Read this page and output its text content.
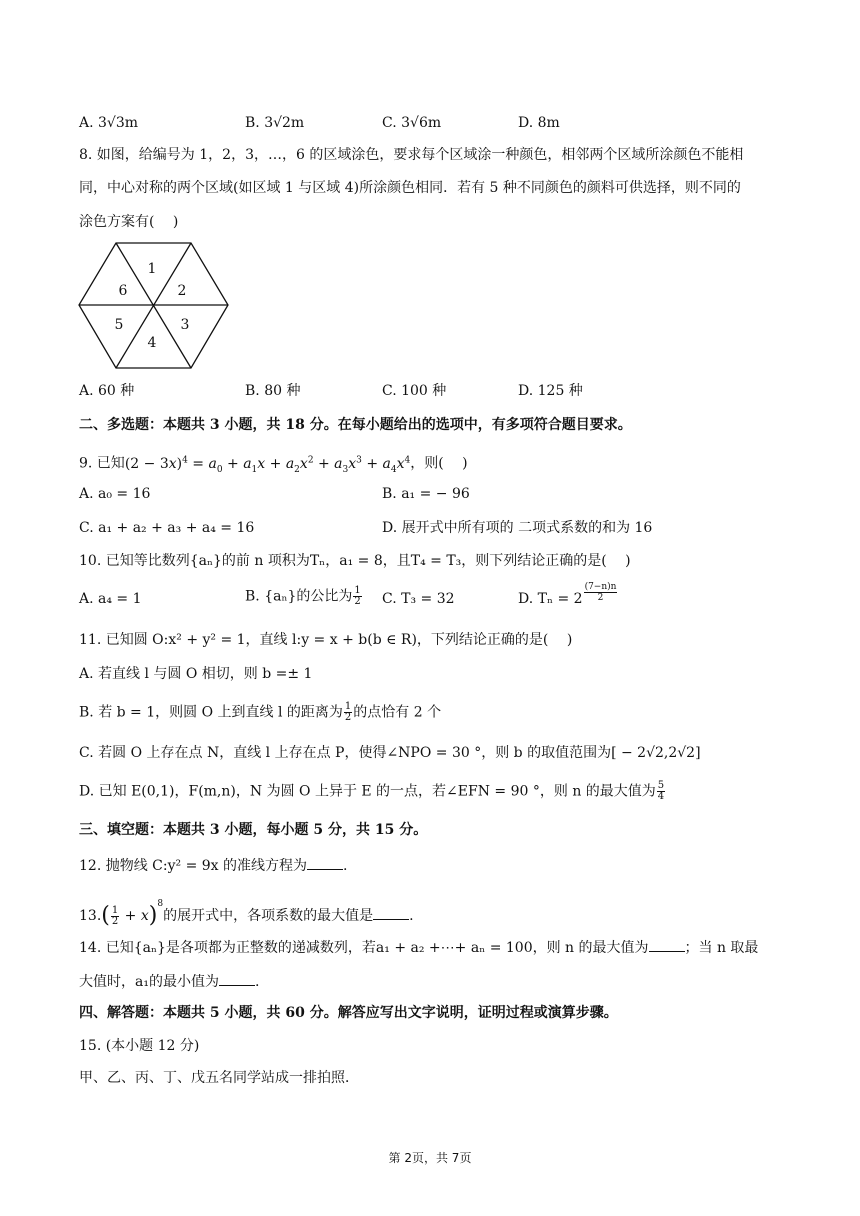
A. 3√3m	B. 3√2m	C. 3√6m	D. 8m
8. 如图，给编号为 1，2，3，…，6 的区域涂色，要求每个区域涂一种颜色，相邻两个区域所涂颜色不能相
同，中心对称的两个区域(如区域 1 与区域 4)所涂颜色相同．若有 5 种不同颜色的颜料可供选择，则不同的
涂色方案有(　 )
1
2
3
4
5
6
A. 60 种	B. 80 种	C. 100 种	D. 125 种
二、多选题：本题共 3 小题，共 18 分。在每小题给出的选项中，有多项符合题目要求。
9. 已知$(2 - 3x)^4 = a_0 + a_1x + a_2x^2 + a_3x^3 + a_4x^4$，则(　 )
A. a₀ = 16	B. a₁ = − 96
C. a₁ + a₂ + a₃ + a₄ = 16	D. 展开式中所有项的 二项式系数的和为 16
10. 已知等比数列{aₙ}的前 n 项积为Tₙ，a₁ = 8，且T₄ = T₃，则下列结论正确的是(　 )
A. a₄ = 1	B. {aₙ}的公比为 $\frac{1}{2} C$. T₃ = 32	D. $T_n = 2 \frac{(7-n)n}{2}$
11. 已知圆 O:x² + y² = 1，直线 l:y = x + b(b ∈ R)，下列结论正确的是(　 )
A. 若直线 l 与圆 O 相切，则 b =± 1
B. 若 b = 1，则圆 O 上到直线 l 的距离为 $\frac{1}{2}$ 的点恰有 2 个
C. 若圆 O 上存在点 N，直线 l 上存在点 P，使得∠NPO = 30 °，则 b 的取值范围为[ − 2√2,2√2]
D. 已知 E(0,1)，F(m,n)，N 为圆 O 上异于 E 的一点，若∠EFN = 90 °，则 n 的最大值为 $\frac{5}{4}$
三、填空题：本题共 3 小题，每小题 5 分，共 15 分。
12. 抛物线 C:y² = 9x 的准线方程为	.
$13.( \frac{1}{2} + x)^8$的展开式中，各项系数的最大值是	.
14. 已知{aₙ}是各项都为正整数的递减数列，若a₁ + a₂ +⋯+ aₙ = 100，则 n 的最大值为	；当 n 取最
大值时，a₁的最小值为	.
四、解答题：本题共 5 小题，共 60 分。解答应写出文字说明，证明过程或演算步骤。
15. (本小题 12 分)
甲、乙、丙、丁、戊五名同学站成一排拍照．
第 2页，共 7页
